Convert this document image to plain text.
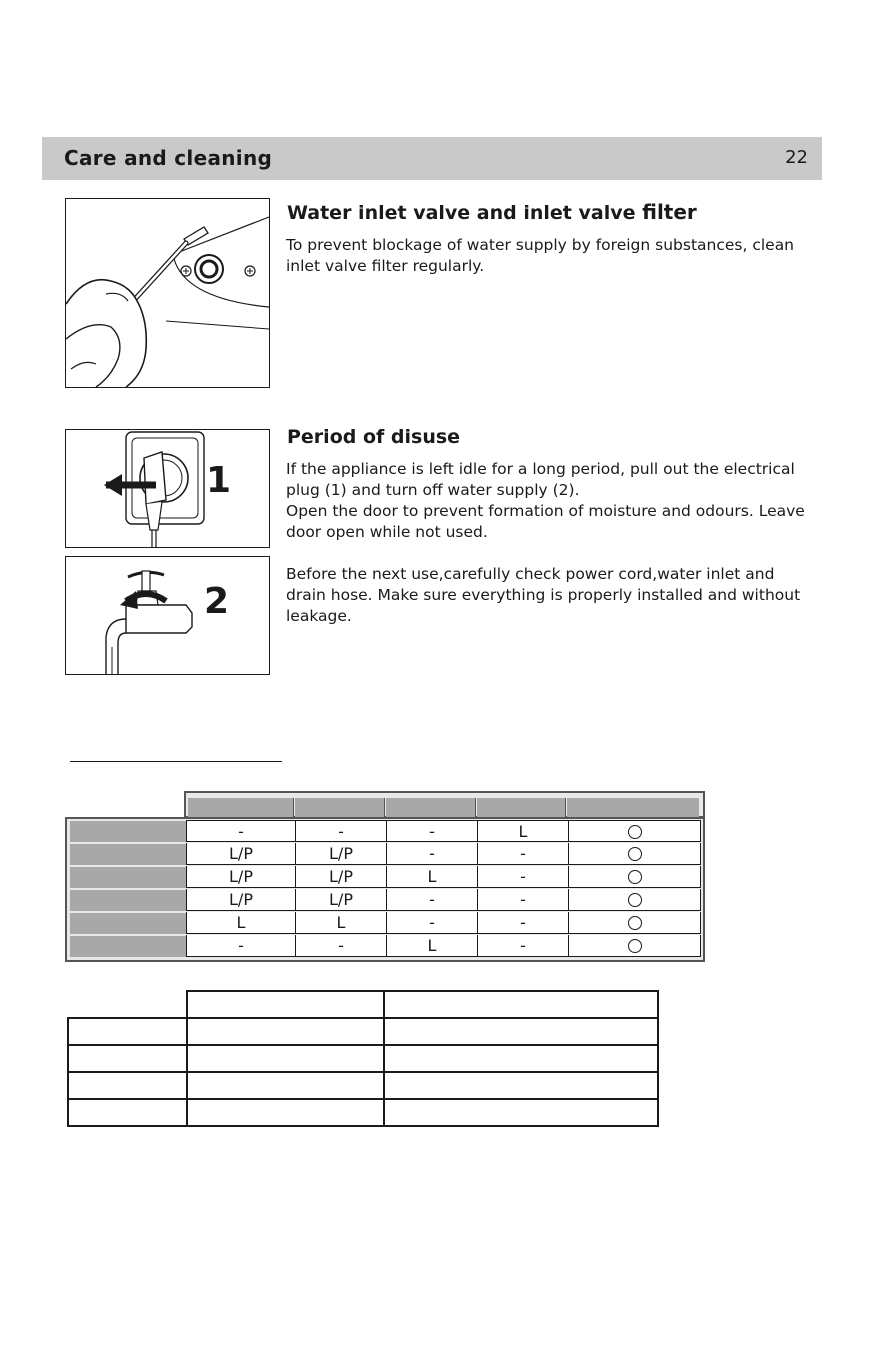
Care and cleaning	22
1
2
Water inlet valve and inlet valve filter

To prevent blockage of water supply by foreign substances, clean inlet valve filter regularly.

Period of disuse

If the appliance is left idle for a long period, pull out the electrical plug (1) and turn off water supply (2).

Open the door to prevent formation of moisture and odours. Leave door open while not used.

Before the next use,carefully check power cord,water inlet and drain hose. Make sure everything is properly installed and without leakage.

-	-	-	L
L/P	L/P	-	-
L/P	L/P	L	-
L/P	L/P	-	-
L	L	-	-
-	-	L	-
